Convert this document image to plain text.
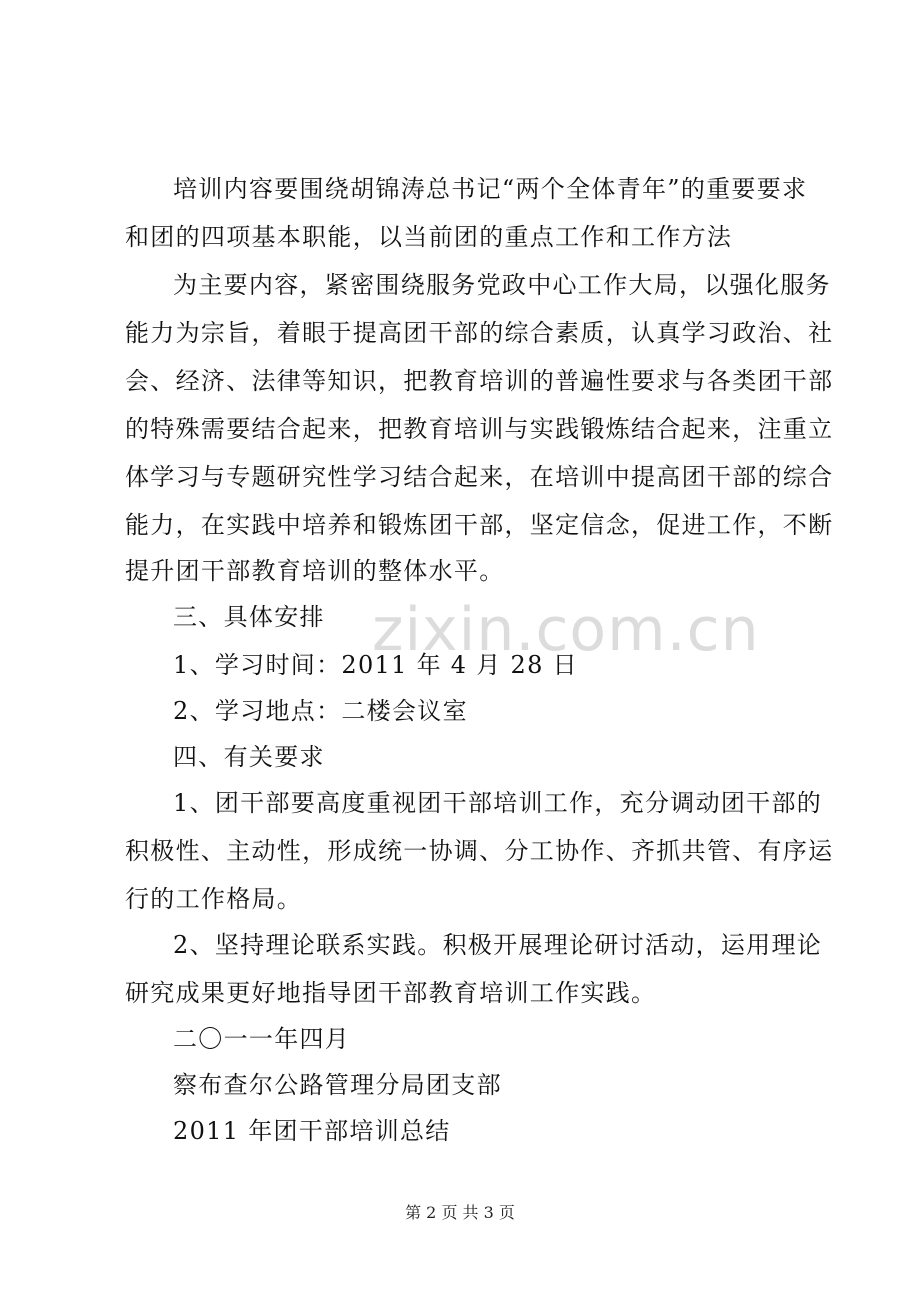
培训内容要围绕胡锦涛总书记“两个全体青年”的重要要求
和团的四项基本职能，以当前团的重点工作和工作方法
为主要内容，紧密围绕服务党政中心工作大局，以强化服务
能力为宗旨，着眼于提高团干部的综合素质，认真学习政治、社
会、经济、法律等知识，把教育培训的普遍性要求与各类团干部
的特殊需要结合起来，把教育培训与实践锻炼结合起来，注重立
体学习与专题研究性学习结合起来，在培训中提高团干部的综合
能力，在实践中培养和锻炼团干部，坚定信念，促进工作，不断
提升团干部教育培训的整体水平。
三、具体安排
1、学习时间：2011 年 4 月 28 日
2、学习地点：二楼会议室
四、有关要求
1、团干部要高度重视团干部培训工作，充分调动团干部的
积极性、主动性，形成统一协调、分工协作、齐抓共管、有序运
行的工作格局。
2、坚持理论联系实践。积极开展理论研讨活动，运用理论
研究成果更好地指导团干部教育培训工作实践。
二〇一一年四月
察布查尔公路管理分局团支部
2011 年团干部培训总结
zixin.com.cn
第 2 页 共 3 页
